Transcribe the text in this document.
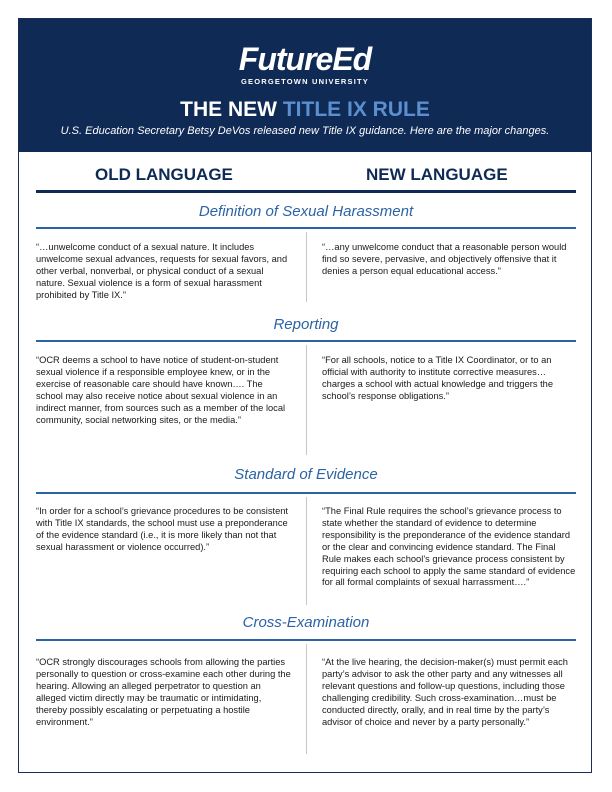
FutureEd
GEORGETOWN UNIVERSITY
THE NEW TITLE IX RULE
U.S. Education Secretary Betsy DeVos released new Title IX guidance. Here are the major changes.
OLD LANGUAGE	NEW LANGUAGE
Definition of Sexual Harassment

“…unwelcome conduct of a sexual nature. It includes unwelcome sexual advances, requests for sexual favors, and other verbal, nonverbal, or physical conduct of a sexual nature. Sexual violence is a form of sexual harassment prohibited by Title IX.”

“…any unwelcome conduct that a reasonable person would find so severe, pervasive, and objectively offensive that it denies a person equal educational access.”

Reporting

“OCR deems a school to have notice of student-on-student sexual violence if a responsible employee knew, or in the exercise of reasonable care should have known…. The school may also receive notice about sexual violence in an indirect manner, from sources such as a member of the local community, social networking sites, or the media.”

“For all schools, notice to a Title IX Coordinator, or to an official with authority to institute corrective measures… charges a school with actual knowledge and triggers the school’s response obligations.”

Standard of Evidence

“In order for a school’s grievance procedures to be consistent with Title IX standards, the school must use a preponderance of the evidence standard (i.e., it is more likely than not that sexual harassment or violence occurred).”

“The Final Rule requires the school’s grievance process to state whether the standard of evidence to determine responsibility is the preponderance of the evidence standard or the clear and convincing evidence standard. The Final Rule makes each school’s grievance process consistent by requiring each school to apply the same standard of evidence for all formal complaints of sexual harrassment….”

Cross-Examination

“OCR strongly discourages schools from allowing the parties personally to question or cross-examine each other during the hearing. Allowing an alleged perpetrator to question an alleged victim directly may be traumatic or intimidating, thereby possibly escalating or perpetuating a hostile environment.”

“At the live hearing, the decision-maker(s) must permit each party’s advisor to ask the other party and any witnesses all relevant questions and follow-up questions, including those challenging credibility. Such cross-examination…must be conducted directly, orally, and in real time by the party’s advisor of choice and never by a party personally.”
